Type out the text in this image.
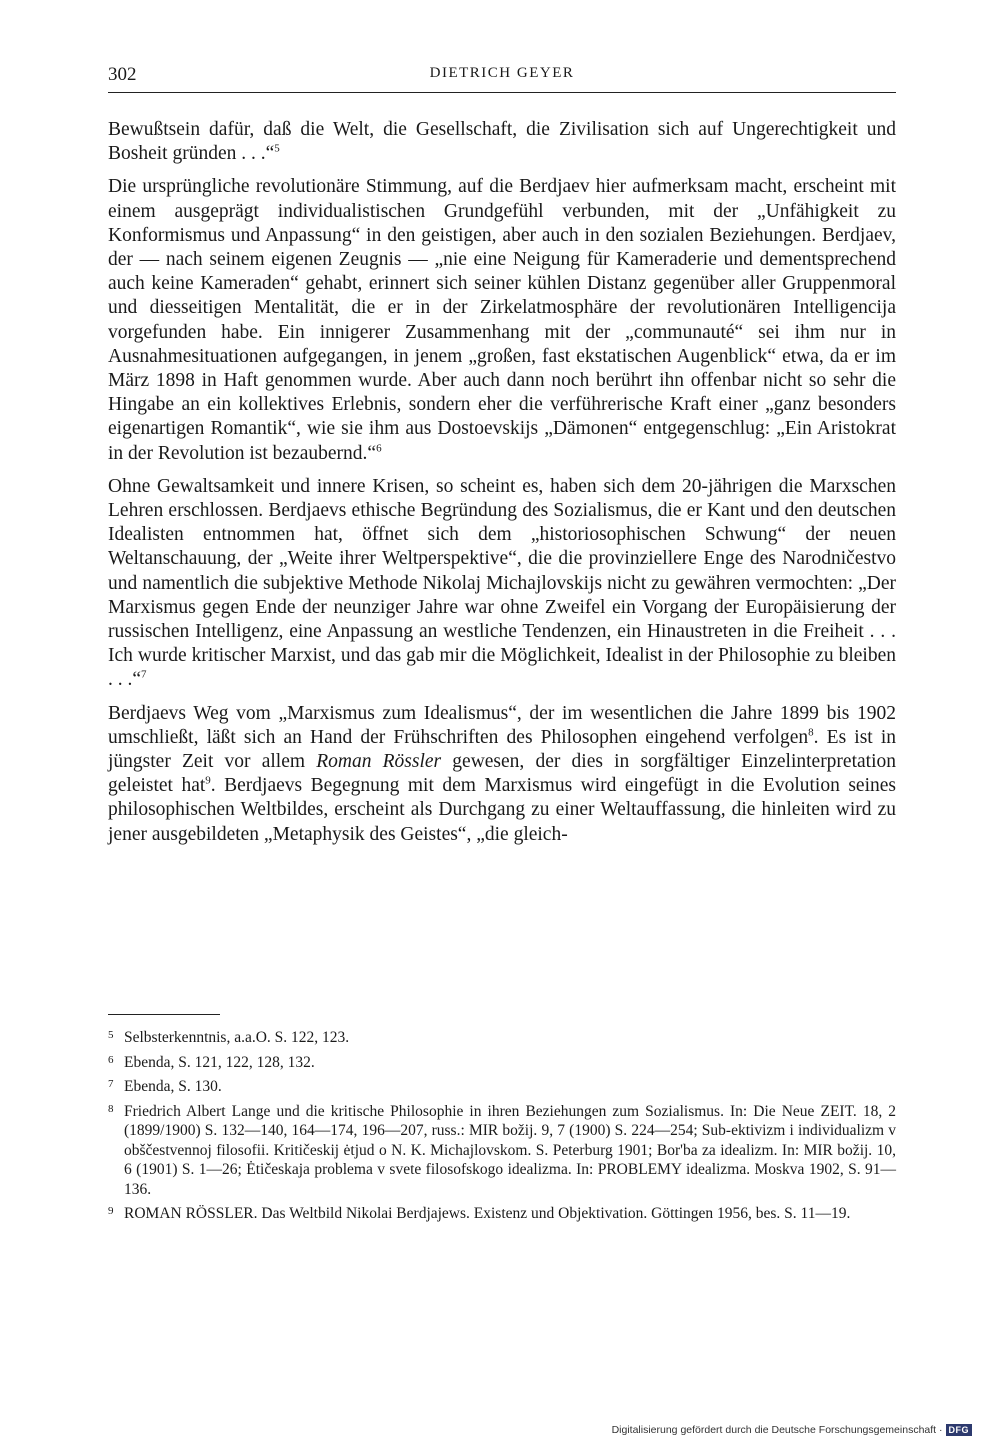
302	DIETRICH GEYER

Bewußtsein dafür, daß die Welt, die Gesellschaft, die Zivilisation sich auf Ungerechtigkeit und Bosheit gründen . . .“$^5$

Die ursprüngliche revolutionäre Stimmung, auf die Berdjaev hier aufmerksam macht, erscheint mit einem ausgeprägt individualistischen Grundgefühl verbunden, mit der „Unfähigkeit zu Konformismus und Anpassung“ in den geistigen, aber auch in den sozialen Beziehungen. Berdjaev, der — nach seinem eigenen Zeugnis — „nie eine Neigung für Kameraderie und dementsprechend auch keine Kameraden“ gehabt, erinnert sich seiner kühlen Distanz gegenüber aller Gruppenmoral und diesseitigen Mentalität, die er in der Zirkelatmosphäre der revolutionären Intelligencija vorgefunden habe. Ein innigerer Zusammenhang mit der „communauté“ sei ihm nur in Ausnahmesituationen aufgegangen, in jenem „großen, fast ekstatischen Augenblick“ etwa, da er im März 1898 in Haft genommen wurde. Aber auch dann noch berührt ihn offenbar nicht so sehr die Hingabe an ein kollektives Erlebnis, sondern eher die verführerische Kraft einer „ganz besonders eigenartigen Romantik“, wie sie ihm aus Dostoevskijs „Dämonen“ entgegenschlug: „Ein Aristokrat in der Revolution ist bezaubernd.“$^6$

Ohne Gewaltsamkeit und innere Krisen, so scheint es, haben sich dem 20-jährigen die Marxschen Lehren erschlossen. Berdjaevs ethische Begründung des Sozialismus, die er Kant und den deutschen Idealisten entnommen hat, öffnet sich dem „historiosophischen Schwung“ der neuen Weltanschauung, der „Weite ihrer Weltperspektive“, die die provinziellere Enge des Narodničestvo und namentlich die subjektive Methode Nikolaj Michajlovskijs nicht zu gewähren vermochten: „Der Marxismus gegen Ende der neunziger Jahre war ohne Zweifel ein Vorgang der Europäisierung der russischen Intelligenz, eine Anpassung an westliche Tendenzen, ein Hinaustreten in die Freiheit . . . Ich wurde kritischer Marxist, und das gab mir die Möglichkeit, Idealist in der Philosophie zu bleiben . . .“$^7$

Berdjaevs Weg vom „Marxismus zum Idealismus“, der im wesentlichen die Jahre 1899 bis 1902 umschließt, läßt sich an Hand der Frühschriften des Philosophen eingehend verfolgen$^8$. Es ist in jüngster Zeit vor allem Roman Rössler gewesen, der dies in sorgfältiger Einzelinterpretation geleistet hat$^9$. Berdjaevs Begegnung mit dem Marxismus wird eingefügt in die Evolution seines philosophischen Weltbildes, erscheint als Durchgang zu einer Weltauffassung, die hinleiten wird zu jener ausgebildeten „Metaphysik des Geistes“, „die gleich-

5 Selbsterkenntnis, a.a.O. S. 122, 123.
6 Ebenda, S. 121, 122, 128, 132.
7 Ebenda, S. 130.
8 Friedrich Albert Lange und die kritische Philosophie in ihren Beziehungen zum Sozialismus. In: Die Neue ZEIT. 18, 2 (1899/1900) S. 132—140, 164—174, 196—207, russ.: MIR božij. 9, 7 (1900) S. 224—254; Sub-ektivizm i individualizm v obščestvennoj filosofii. Kritičeskij ėtjud o N. K. Michajlovskom. S. Peterburg 1901; Bor'ba za idealizm. In: MIR božij. 10, 6 (1901) S. 1—26; Ėtičeskaja problema v svete filosofskogo idealizma. In: PROBLEMY idealizma. Moskva 1902, S. 91—136.
9 ROMAN RÖSSLER. Das Weltbild Nikolai Berdjajews. Existenz und Objektivation. Göttingen 1956, bes. S. 11—19.
Digitalisierung gefördert durch die Deutsche Forschungsgemeinschaft · DFG
